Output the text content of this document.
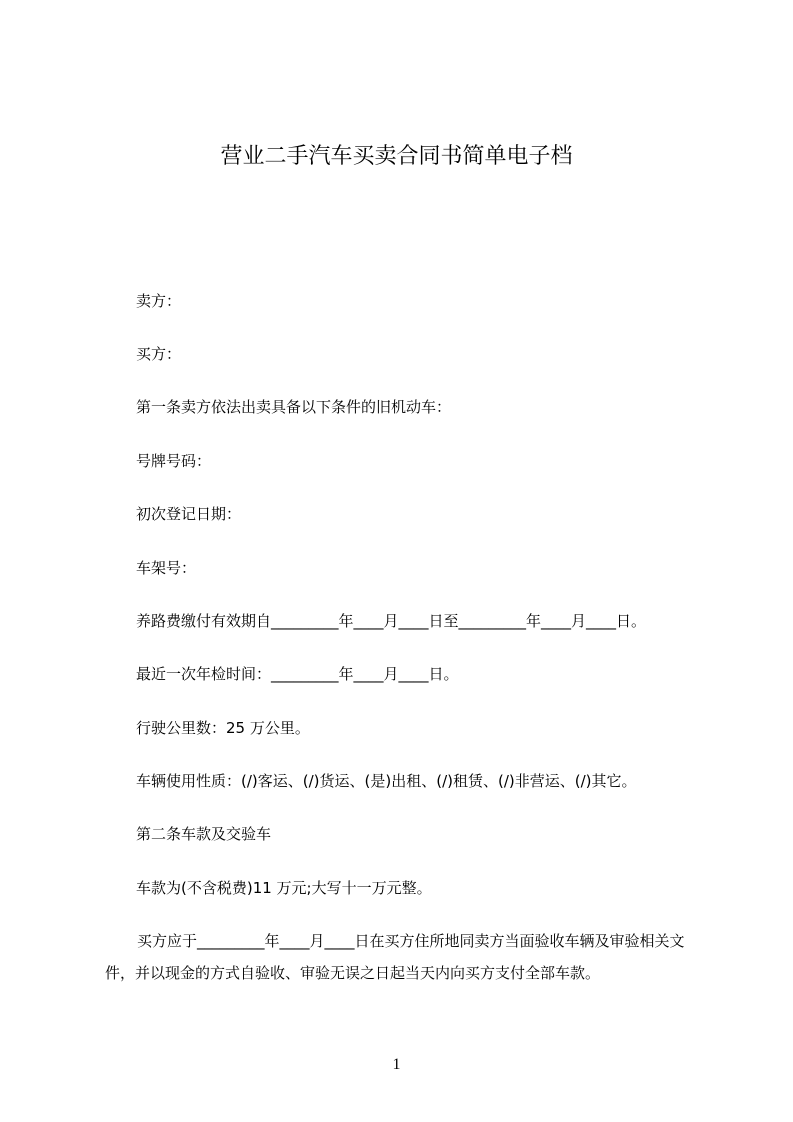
营业二手汽车买卖合同书简单电子档

卖方：

买方：

第一条卖方依法出卖具备以下条件的旧机动车：

号牌号码：

初次登记日期：

车架号：

养路费缴付有效期自_________年____月____日至_________年____月____日。

最近一次年检时间：_________年____月____日。

行驶公里数：25 万公里。

车辆使用性质：(/)客运、(/)货运、(是)出租、(/)租赁、(/)非营运、(/)其它。

第二条车款及交验车

车款为(不含税费)11 万元;大写十一万元整。

买方应于_________年____月____日在买方住所地同卖方当面验收车辆及审验相关文件，并以现金的方式自验收、审验无误之日起当天内向买方支付全部车款。

1
